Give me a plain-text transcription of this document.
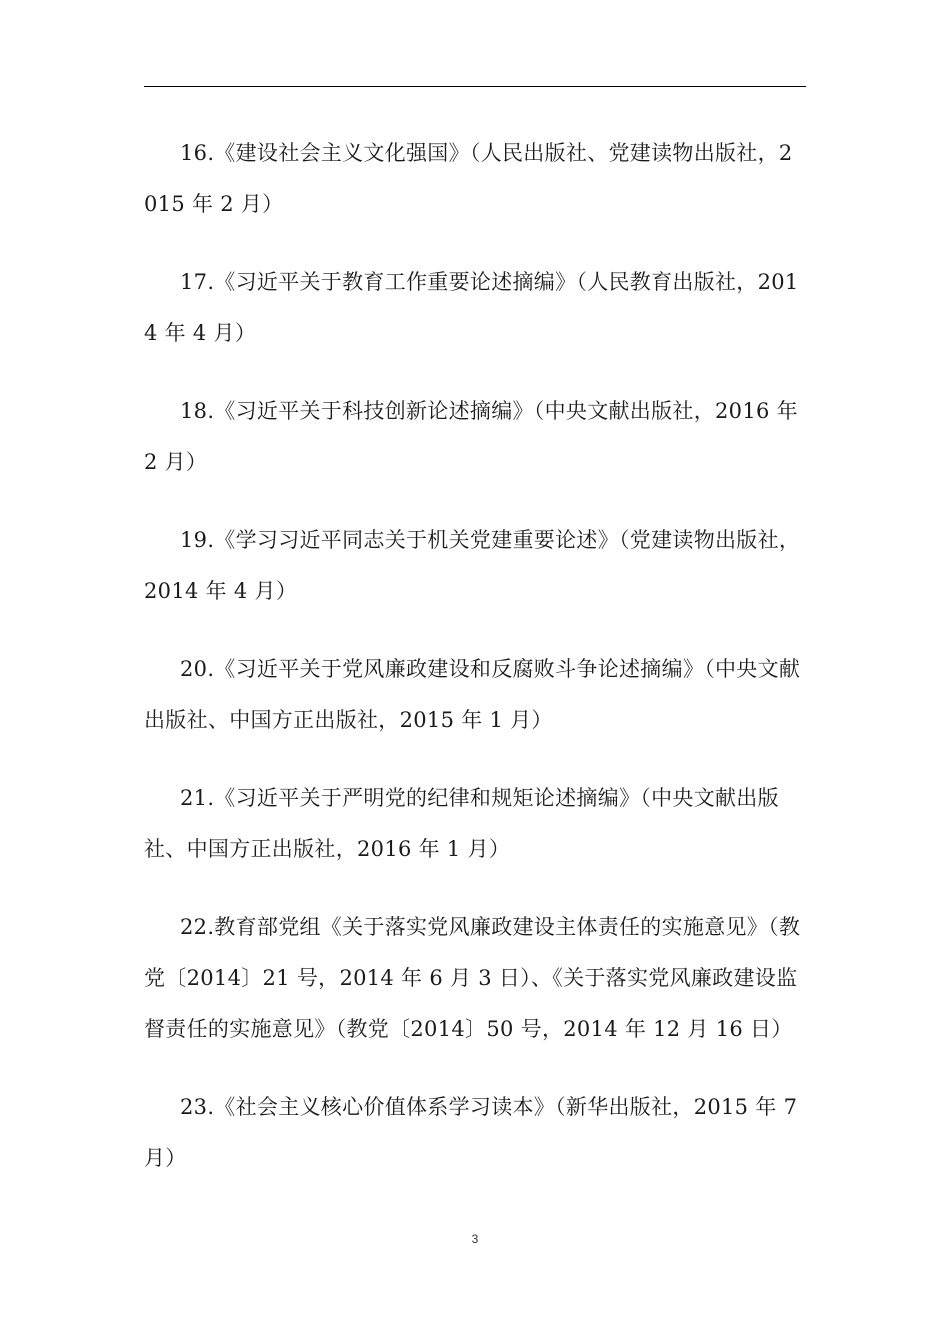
16.《建设社会主义文化强国》（人民出版社、党建读物出版社，2015 年 2 月）

17.《习近平关于教育工作重要论述摘编》（人民教育出版社，2014 年 4 月）

18.《习近平关于科技创新论述摘编》（中央文献出版社，2016 年 2 月）

19.《学习习近平同志关于机关党建重要论述》（党建读物出版社，2014 年 4 月）

20.《习近平关于党风廉政建设和反腐败斗争论述摘编》（中央文献出版社、中国方正出版社，2015 年 1 月）

21.《习近平关于严明党的纪律和规矩论述摘编》（中央文献出版社、中国方正出版社，2016 年 1 月）

22.教育部党组《关于落实党风廉政建设主体责任的实施意见》（教党〔2014〕21 号，2014 年 6 月 3 日）、《关于落实党风廉政建设监督责任的实施意见》（教党〔2014〕50 号，2014 年 12 月 16 日）

23.《社会主义核心价值体系学习读本》（新华出版社，2015 年 7 月）

3
